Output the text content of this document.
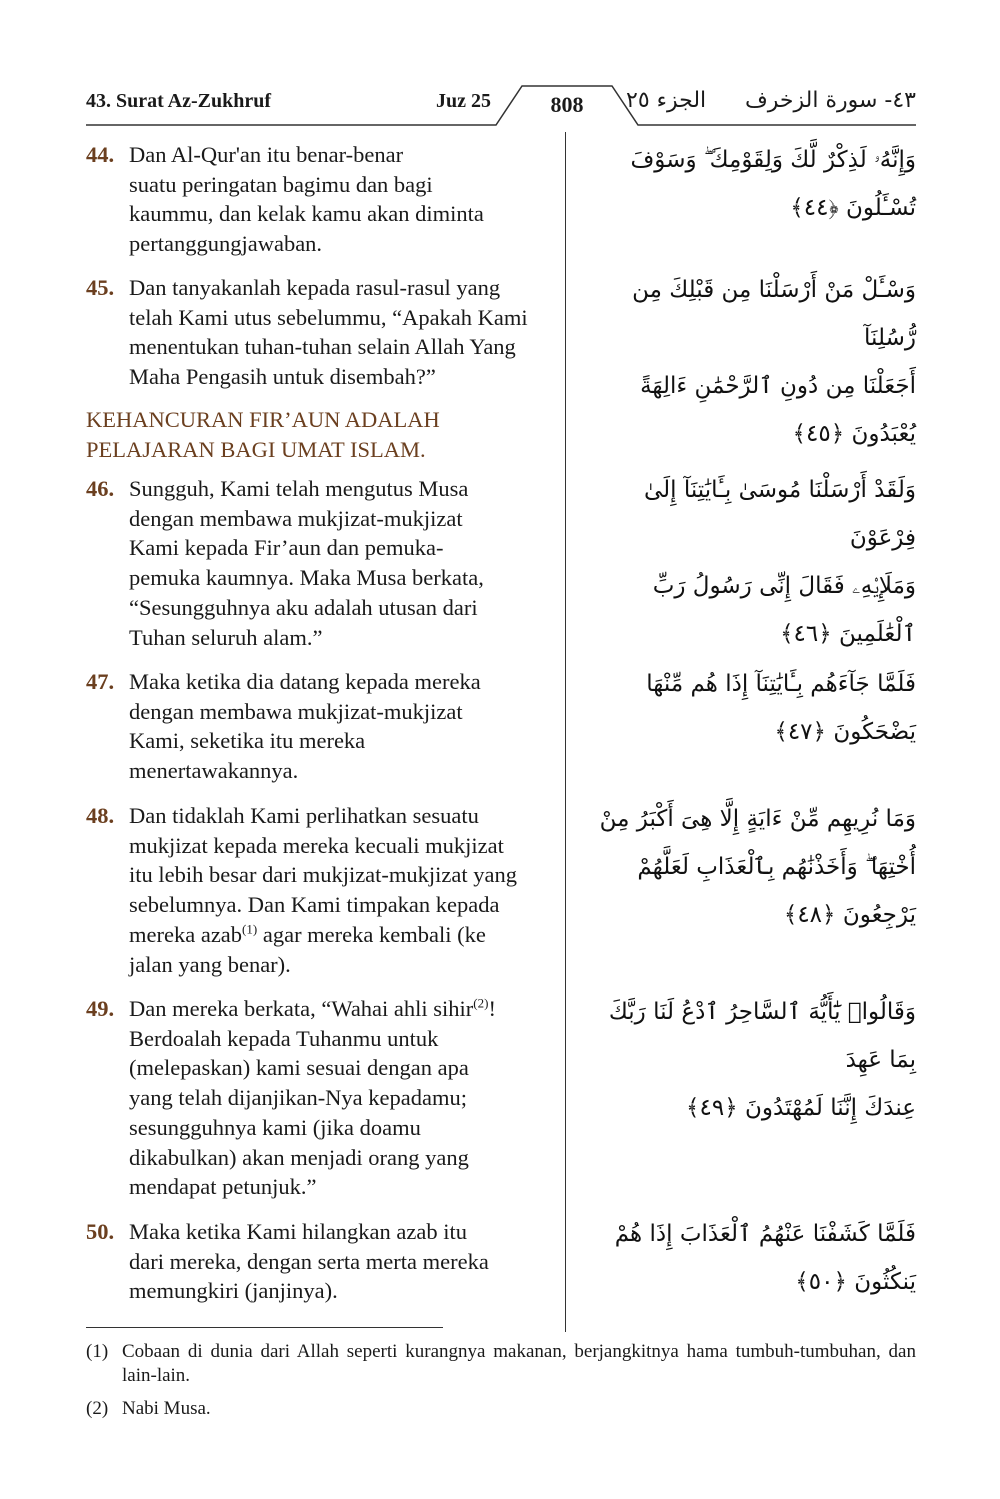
43. Surat Az-Zukhruf	Juz 25	808	الجزء ٢٥ ٤٣- سورة الزخرف
44. Dan Al-Qur'an itu benar-benar
suatu peringatan bagimu dan bagi
kaummu, dan kelak kamu akan diminta
pertanggungjawaban.
وَإِنَّهُۥ لَذِكْرٌ لَّكَ وَلِقَوْمِكَ ۖ وَسَوْفَ تُسْـَٔلُونَ ﴿٤٤﴾
45. Dan tanyakanlah kepada rasul-rasul yang
telah Kami utus sebelummu, “Apakah Kami
menentukan tuhan-tuhan selain Allah Yang
Maha Pengasih untuk disembah?”
وَسْـَٔلْ مَنْ أَرْسَلْنَا مِن قَبْلِكَ مِن رُّسُلِنَآ
أَجَعَلْنَا مِن دُونِ ٱلرَّحْمَٰنِ ءَالِهَةً يُعْبَدُونَ ﴿٤٥﴾
KEHANCURAN FIR’AUN ADALAH
PELAJARAN BAGI UMAT ISLAM.
46. Sungguh, Kami telah mengutus Musa
dengan membawa mukjizat-mukjizat
Kami kepada Fir’aun dan pemuka-
pemuka kaumnya. Maka Musa berkata,
“Sesungguhnya aku adalah utusan dari
Tuhan seluruh alam.”
وَلَقَدْ أَرْسَلْنَا مُوسَىٰ بِـَٔايَٰتِنَآ إِلَىٰ فِرْعَوْنَ
وَمَلَإِي۟هِۦ فَقَالَ إِنِّى رَسُولُ رَبِّ ٱلْعَٰلَمِينَ ﴿٤٦﴾
47. Maka ketika dia datang kepada mereka
dengan membawa mukjizat-mukjizat
Kami, seketika itu mereka
menertawakannya.
فَلَمَّا جَآءَهُم بِـَٔايَٰتِنَآ إِذَا هُم مِّنْهَا يَضْحَكُونَ ﴿٤٧﴾
48. Dan tidaklah Kami perlihatkan sesuatu
mukjizat kepada mereka kecuali mukjizat
itu lebih besar dari mukjizat-mukjizat yang
sebelumnya. Dan Kami timpakan kepada
mereka azab$^{(1)}$ agar mereka kembali (ke
jalan yang benar).
وَمَا نُرِيهِم مِّنْ ءَايَةٍ إِلَّا هِىَ أَكْبَرُ مِنْ
أُخْتِهَا ۖ وَأَخَذْنَٰهُم بِٱلْعَذَابِ لَعَلَّهُمْ
يَرْجِعُونَ ﴿٤٨﴾
49. Dan mereka berkata, “Wahai ahli sihir$^{(2)}$!
Berdoalah kepada Tuhanmu untuk
(melepaskan) kami sesuai dengan apa
yang telah dijanjikan-Nya kepadamu;
sesungguhnya kami (jika doamu
dikabulkan) akan menjadi orang yang
mendapat petunjuk.”
وَقَالُوا۟ يَٰٓأَيُّهَ ٱلسَّاحِرُ ٱدْعُ لَنَا رَبَّكَ بِمَا عَهِدَ
عِندَكَ إِنَّنَا لَمُهْتَدُونَ ﴿٤٩﴾
50. Maka ketika Kami hilangkan azab itu
dari mereka, dengan serta merta mereka
memungkiri (janjinya).
فَلَمَّا كَشَفْنَا عَنْهُمُ ٱلْعَذَابَ إِذَا هُمْ
يَنكُثُونَ ﴿٥٠﴾
(1) Cobaan di dunia dari Allah seperti kurangnya makanan, berjangkitnya hama tumbuh-tumbuhan, dan lain-lain.
(2) Nabi Musa.
